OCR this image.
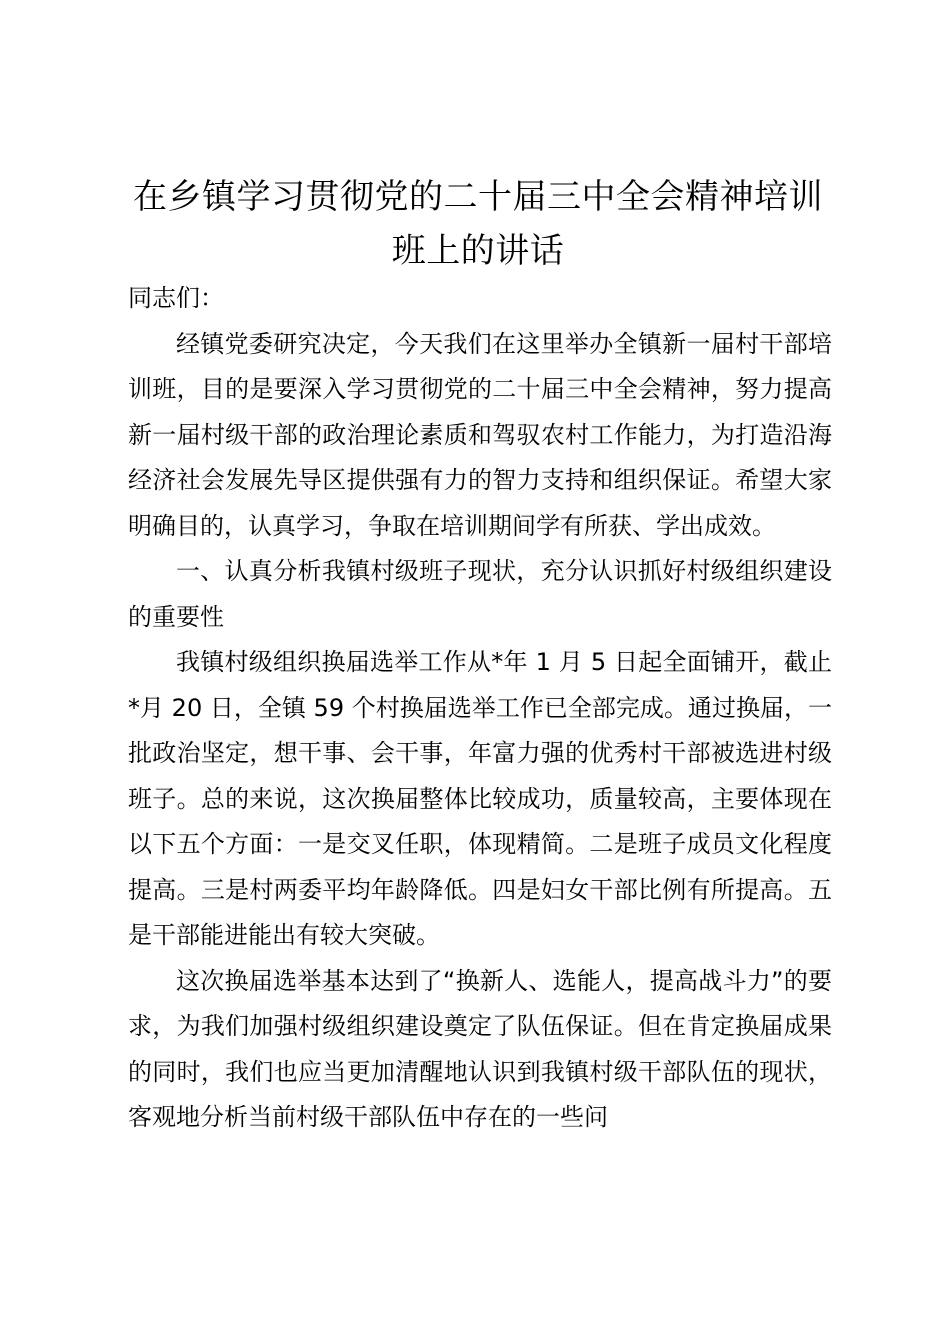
在乡镇学习贯彻党的二十届三中全会精神培训班上的讲话

同志们：

经镇党委研究决定，今天我们在这里举办全镇新一届村干部培训班，目的是要深入学习贯彻党的二十届三中全会精神，努力提高新一届村级干部的政治理论素质和驾驭农村工作能力，为打造沿海经济社会发展先导区提供强有力的智力支持和组织保证。希望大家明确目的，认真学习，争取在培训期间学有所获、学出成效。

一、认真分析我镇村级班子现状，充分认识抓好村级组织建设的重要性

我镇村级组织换届选举工作从*年 1 月 5 日起全面铺开，截止*月 20 日，全镇 59 个村换届选举工作已全部完成。通过换届，一批政治坚定，想干事、会干事，年富力强的优秀村干部被选进村级班子。总的来说，这次换届整体比较成功，质量较高，主要体现在以下五个方面：一是交叉任职，体现精简。二是班子成员文化程度提高。三是村两委平均年龄降低。四是妇女干部比例有所提高。五是干部能进能出有较大突破。

这次换届选举基本达到了“换新人、选能人，提高战斗力”的要求，为我们加强村级组织建设奠定了队伍保证。但在肯定换届成果的同时，我们也应当更加清醒地认识到我镇村级干部队伍的现状，客观地分析当前村级干部队伍中存在的一些问
